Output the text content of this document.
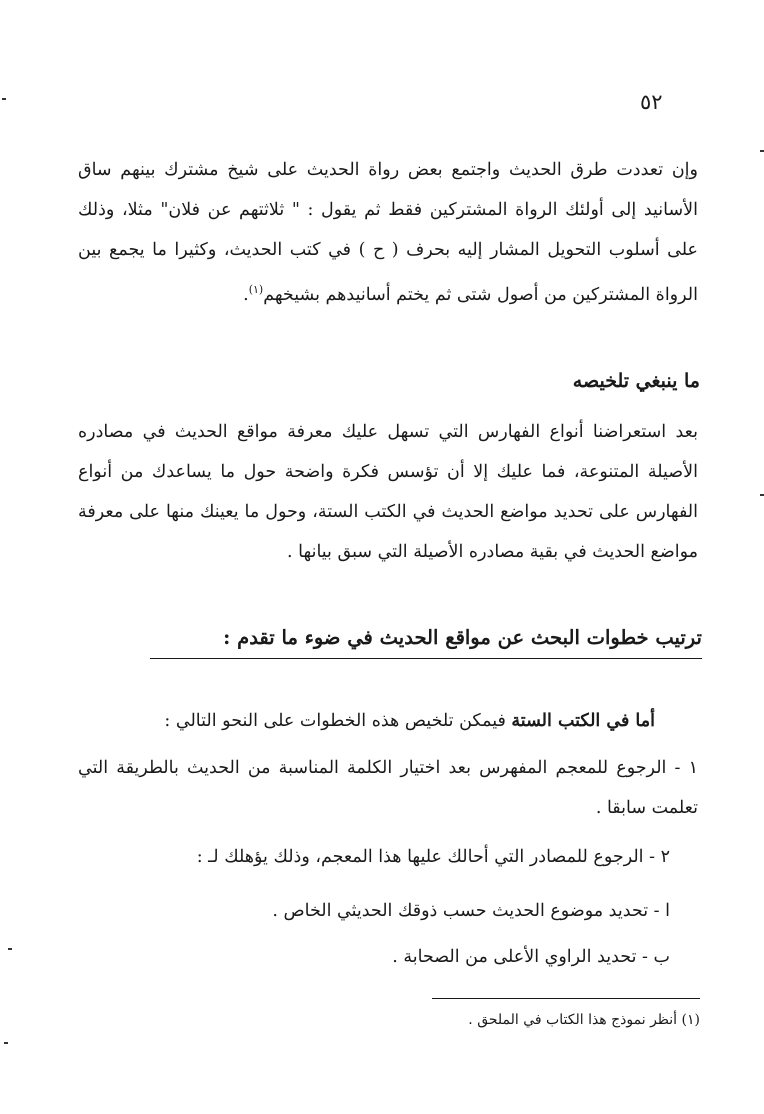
٥٢

وإن تعددت طرق الحديث واجتمع بعض رواة الحديث على شيخ مشترك بينهم ساق الأسانيد إلى أولئك الرواة المشتركين فقط ثم يقول : " ثلاثتهم عن فلان" مثلا، وذلك على أسلوب التحويل المشار إليه بحرف ( ح ) في كتب الحديث، وكثيرا ما يجمع بين الرواة المشتركين من أصول شتى ثم يختم أسانيدهم بشيخهم$^{(١)}$.

ما ينبغي تلخيصه

بعد استعراضنا أنواع الفهارس التي تسهل عليك معرفة مواقع الحديث في مصادره الأصيلة المتنوعة، فما عليك إلا أن تؤسس فكرة واضحة حول ما يساعدك من أنواع الفهارس على تحديد مواضع الحديث في الكتب الستة، وحول ما يعينك منها على معرفة مواضع الحديث في بقية مصادره الأصيلة التي سبق بيانها .

ترتيب خطوات البحث عن مواقع الحديث في ضوء ما تقدم :

أما في الكتب الستة فيمكن تلخيص هذه الخطوات على النحو التالي :

١ - الرجوع للمعجم المفهرس بعد اختيار الكلمة المناسبة من الحديث بالطريقة التي تعلمت سابقا .

٢ - الرجوع للمصادر التي أحالك عليها هذا المعجم، وذلك يؤهلك لـ :

ا - تحديد موضوع الحديث حسب ذوقك الحديثي الخاص .

ب - تحديد الراوي الأعلى من الصحابة .

(١) أنظر نموذج هذا الكتاب في الملحق .
